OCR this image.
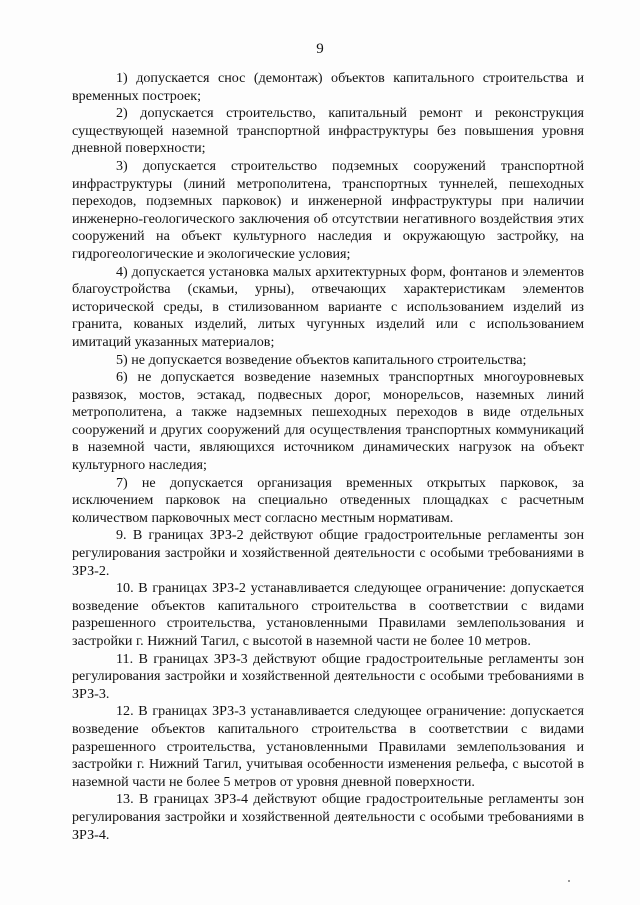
9

1) допускается снос (демонтаж) объектов капитального строительства и временных построек;

2) допускается строительство, капитальный ремонт и реконструкция существующей наземной транспортной инфраструктуры без повышения уровня дневной поверхности;

3) допускается строительство подземных сооружений транспортной инфраструктуры (линий метрополитена, транспортных туннелей, пешеходных переходов, подземных парковок) и инженерной инфраструктуры при наличии инженерно-геологического заключения об отсутствии негативного воздействия этих сооружений на объект культурного наследия и окружающую застройку, на гидрогеологические и экологические условия;

4) допускается установка малых архитектурных форм, фонтанов и элементов благоустройства (скамьи, урны), отвечающих характеристикам элементов исторической среды, в стилизованном варианте с использованием изделий из гранита, кованых изделий, литых чугунных изделий или с использованием имитаций указанных материалов;

5) не допускается возведение объектов капитального строительства;

6) не допускается возведение наземных транспортных многоуровневых развязок, мостов, эстакад, подвесных дорог, монорельсов, наземных линий метрополитена, а также надземных пешеходных переходов в виде отдельных сооружений и других сооружений для осуществления транспортных коммуникаций в наземной части, являющихся источником динамических нагрузок на объект культурного наследия;

7) не допускается организация временных открытых парковок, за исключением парковок на специально отведенных площадках с расчетным количеством парковочных мест согласно местным нормативам.

9. В границах ЗРЗ-2 действуют общие градостроительные регламенты зон регулирования застройки и хозяйственной деятельности с особыми требованиями в ЗРЗ-2.

10. В границах ЗРЗ-2 устанавливается следующее ограничение: допускается возведение объектов капитального строительства в соответствии с видами разрешенного строительства, установленными Правилами землепользования и застройки г. Нижний Тагил, с высотой в наземной части не более 10 метров.

11. В границах ЗРЗ-3 действуют общие градостроительные регламенты зон регулирования застройки и хозяйственной деятельности с особыми требованиями в ЗРЗ-3.

12. В границах ЗРЗ-3 устанавливается следующее ограничение: допускается возведение объектов капитального строительства в соответствии с видами разрешенного строительства, установленными Правилами землепользования и застройки г. Нижний Тагил, учитывая особенности изменения рельефа, с высотой в наземной части не более 5 метров от уровня дневной поверхности.

13. В границах ЗРЗ-4 действуют общие градостроительные регламенты зон регулирования застройки и хозяйственной деятельности с особыми требованиями в ЗРЗ-4.
